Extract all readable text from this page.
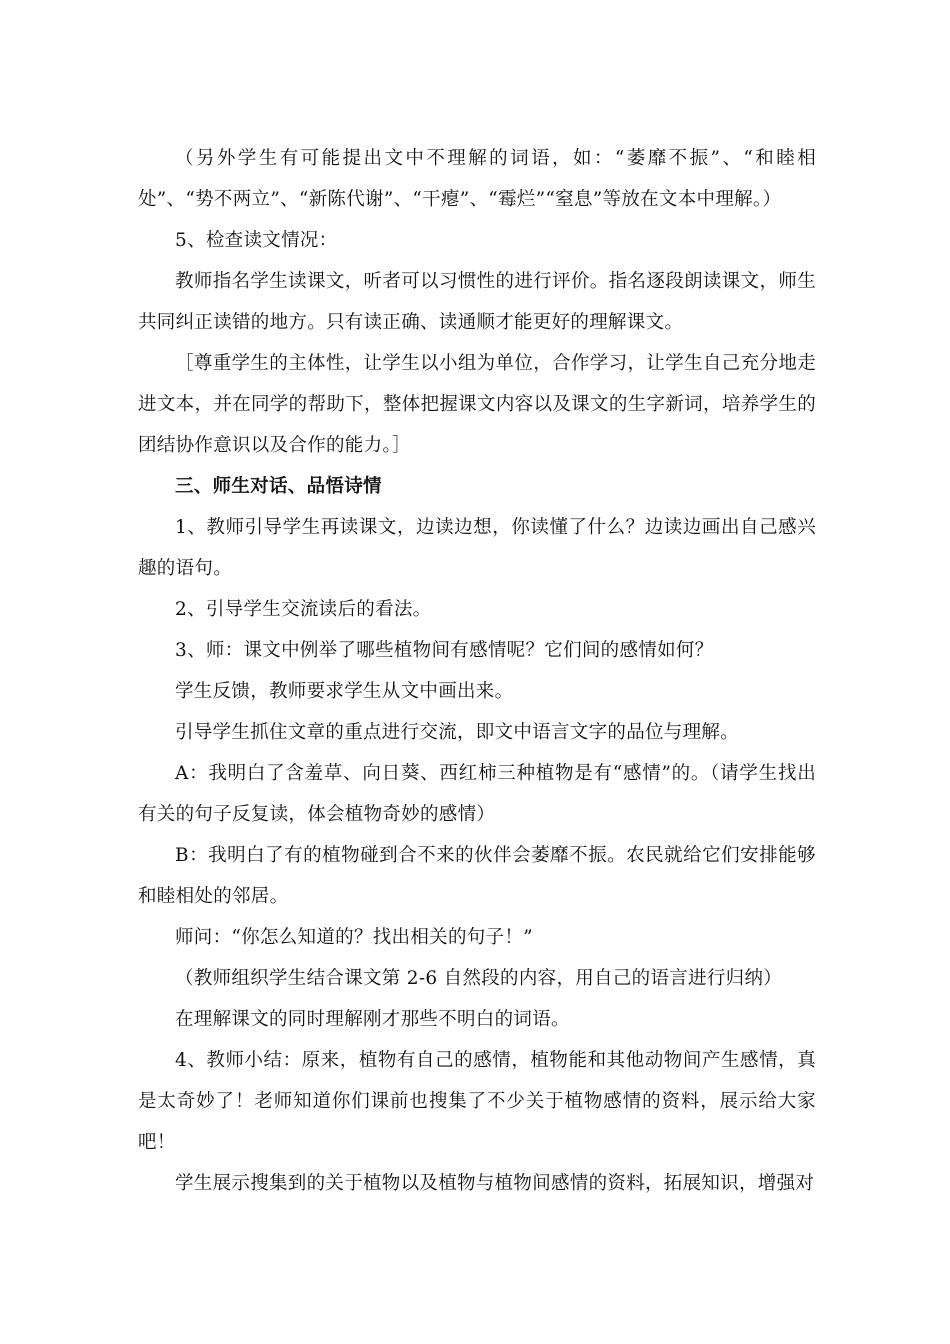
（另外学生有可能提出文中不理解的词语，如：“萎靡不振”、“和睦相处”、“势不两立”、“新陈代谢”、“干瘪”、“霉烂”“窒息”等放在文本中理解。）

5、检查读文情况：

教师指名学生读课文，听者可以习惯性的进行评价。指名逐段朗读课文，师生共同纠正读错的地方。只有读正确、读通顺才能更好的理解课文。

［尊重学生的主体性，让学生以小组为单位，合作学习，让学生自己充分地走进文本，并在同学的帮助下，整体把握课文内容以及课文的生字新词，培养学生的团结协作意识以及合作的能力。］

三、师生对话、品悟诗情

1、教师引导学生再读课文，边读边想，你读懂了什么？边读边画出自己感兴趣的语句。

2、引导学生交流读后的看法。

3、师：课文中例举了哪些植物间有感情呢？它们间的感情如何？

学生反馈，教师要求学生从文中画出来。

引导学生抓住文章的重点进行交流，即文中语言文字的品位与理解。

A：我明白了含羞草、向日葵、西红柿三种植物是有“感情”的。（请学生找出有关的句子反复读，体会植物奇妙的感情）

B：我明白了有的植物碰到合不来的伙伴会萎靡不振。农民就给它们安排能够和睦相处的邻居。

师问：“你怎么知道的？找出相关的句子！”

（教师组织学生结合课文第 2-6 自然段的内容，用自己的语言进行归纳）

在理解课文的同时理解刚才那些不明白的词语。

4、教师小结：原来，植物有自己的感情，植物能和其他动物间产生感情，真是太奇妙了！老师知道你们课前也搜集了不少关于植物感情的资料，展示给大家吧！

学生展示搜集到的关于植物以及植物与植物间感情的资料，拓展知识，增强对
